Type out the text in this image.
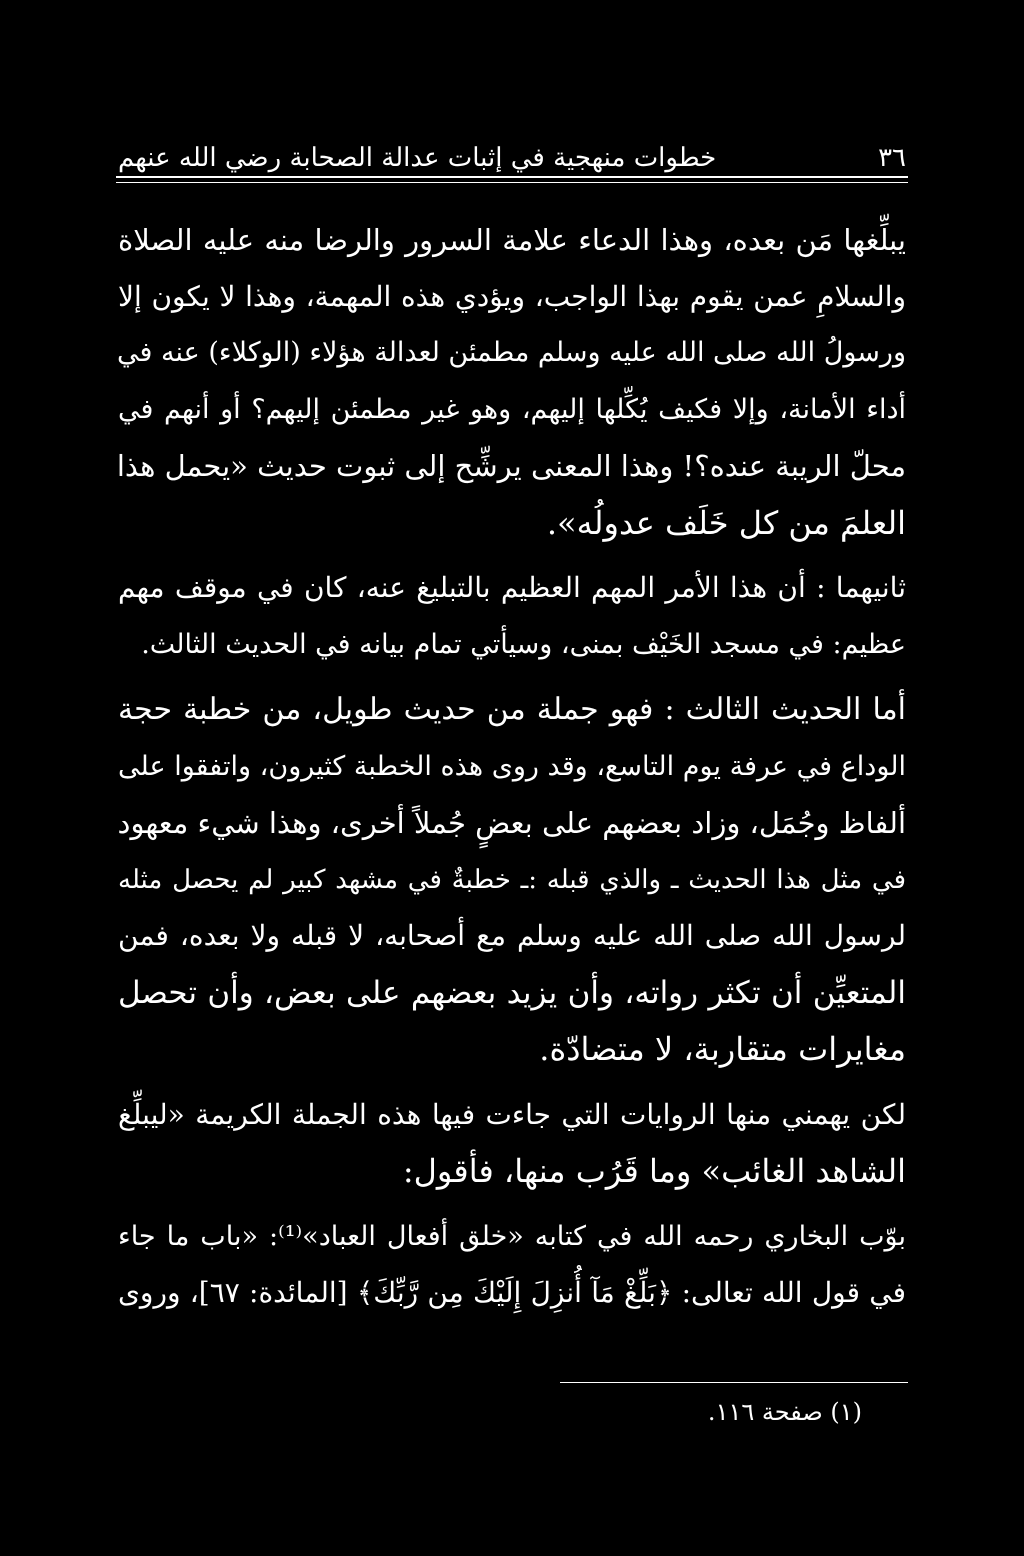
٣٦
خطوات منهجية في إثبات عدالة الصحابة رضي الله عنهم
يبلِّغها مَن بعده، وهذا الدعاء علامة السرور والرضا منه عليه الصلاة
والسلامِ عمن يقوم بهذا الواجب، ويؤدي هذه المهمة، وهذا لا يكون إلا
ورسولُ الله صلى الله عليه وسلم مطمئن لعدالة هؤلاء (الوكلاء) عنه في
أداء الأمانة، وإلا فكيف يُكِّلها إليهم، وهو غير مطمئن إليهم؟ أو أنهم في
محلّ الريبة عنده؟! وهذا المعنى يرشِّح إلى ثبوت حديث «يحمل هذا
العلمَ من كل خَلَف عدولُه».
ثانيهما : أن هذا الأمر المهم العظيم بالتبليغ عنه، كان في موقف مهم
عظيم: في مسجد الخَيْف بمنى، وسيأتي تمام بيانه في الحديث الثالث.
أما الحديث الثالث : فهو جملة من حديث طويل، من خطبة حجة
الوداع في عرفة يوم التاسع، وقد روى هذه الخطبة كثيرون، واتفقوا على
ألفاظ وجُمَل، وزاد بعضهم على بعضٍ جُملاً أخرى، وهذا شيء معهود
في مثل هذا الحديث ـ والذي قبله :ـ خطبةٌ في مشهد كبير لم يحصل مثله
لرسول الله صلى الله عليه وسلم مع أصحابه، لا قبله ولا بعده، فمن
المتعيِّن أن تكثر رواته، وأن يزيد بعضهم على بعض، وأن تحصل
مغايرات متقاربة، لا متضادّة.
لكن يهمني منها الروايات التي جاءت فيها هذه الجملة الكريمة «ليبلِّغ
الشاهد الغائب» وما قَرُب منها، فأقول:
بوّب البخاري رحمه الله في كتابه «خلق أفعال العباد»⁽¹⁾: «باب ما جاء
في قول الله تعالى: ﴿بَلِّغْ مَآ أُنزِلَ إِلَيْكَ مِن رَّبِّكَ﴾ [المائدة: ٦٧]، وروى
(١) صفحة ١١٦.
